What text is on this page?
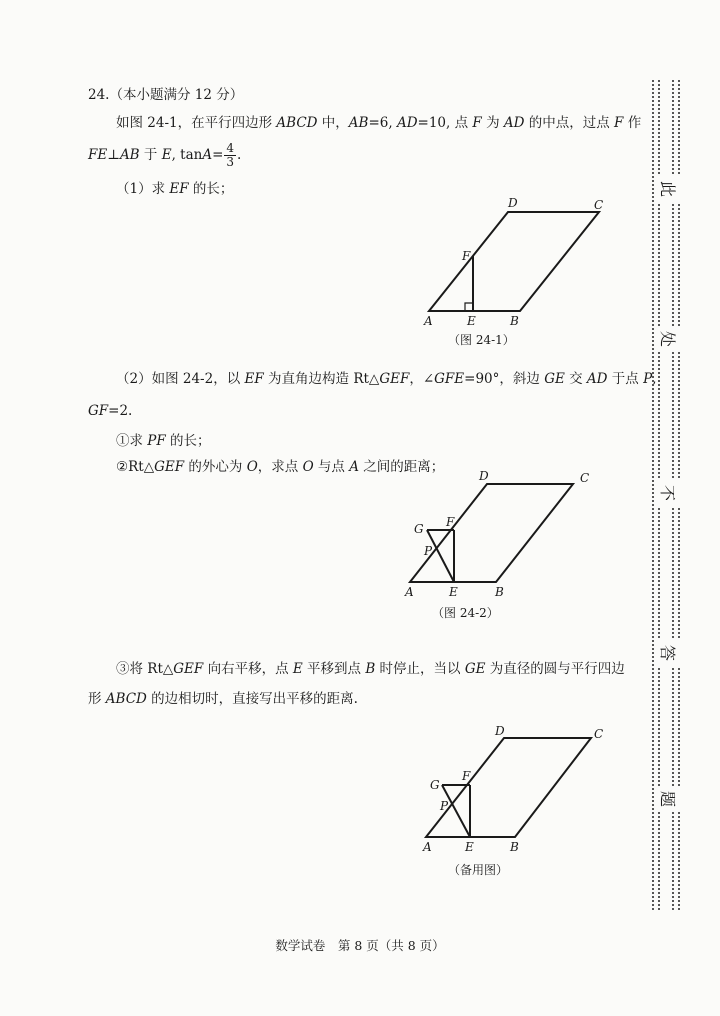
24.（本小题满分 12 分）
如图 24-1，在平行四边形 ABCD 中，AB=6, AD=10, 点 F 为 AD 的中点，过点 F 作
FE⊥AB 于 E, $\tan A= \frac{4}{3}$ .
（1）求 EF 的长；
A	E	B
F
D	C
（图 24-1）
（2）如图 24-2，以 EF 为直角边构造 Rt△GEF，∠GFE=90°，斜边 GE 交 AD 于点 P,
GF=2.
①求 PF 的长；
②Rt△GEF 的外心为 O，求点 O 与点 A 之间的距离；
A	E	B
G F
P
D	C
（图 24-2）
③将 Rt△GEF 向右平移，点 E 平移到点 B 时停止，当以 GE 为直径的圆与平行四边
形 ABCD 的边相切时，直接写出平移的距离.
A	E	B
G
F
P
D	C
（备用图）
此
处
不
答
题
数学试卷　第 8 页（共 8 页）
